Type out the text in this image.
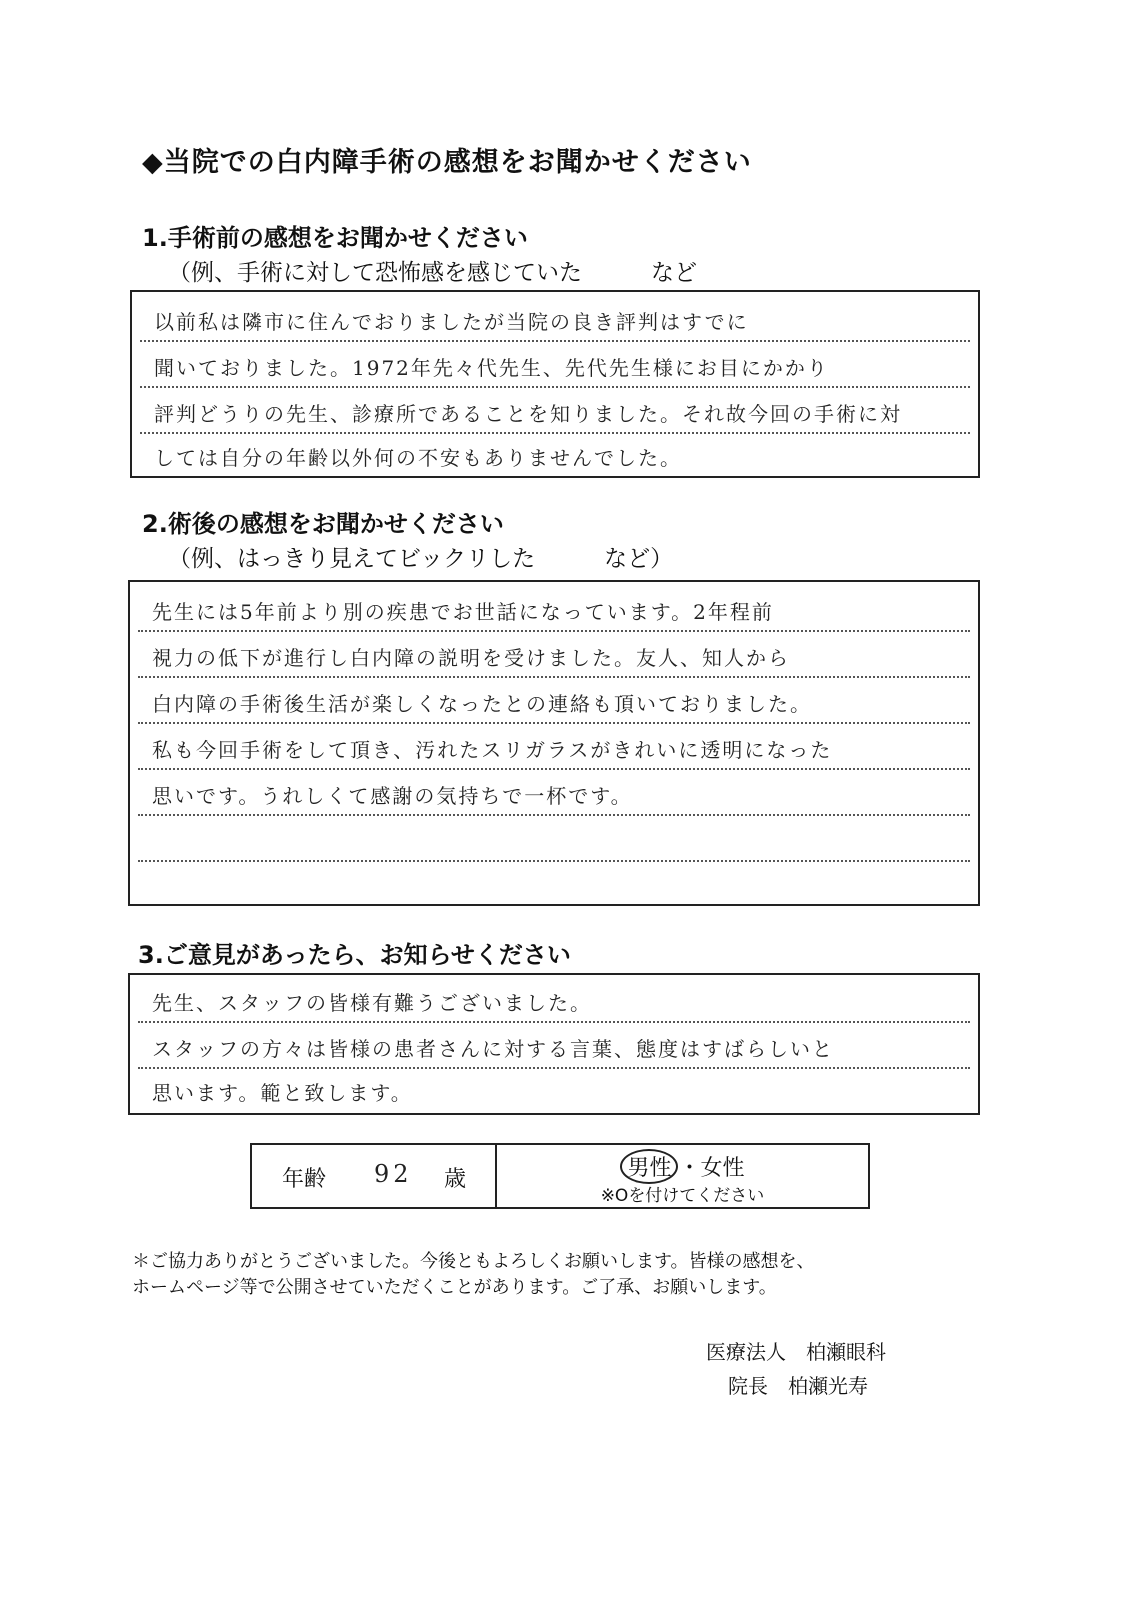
◆当院での白内障手術の感想をお聞かせください
1.手術前の感想をお聞かせください
（例、手術に対して恐怖感を感じていた　　　など
以前私は隣市に住んでおりましたが当院の良き評判はすでに
聞いておりました。1972年先々代先生、先代先生様にお目にかかり
評判どうりの先生、診療所であることを知りました。それ故今回の手術に対
しては自分の年齢以外何の不安もありませんでした。
2.術後の感想をお聞かせください
（例、はっきり見えてビックリした　　　など）
先生には5年前より別の疾患でお世話になっています。2年程前
視力の低下が進行し白内障の説明を受けました。友人、知人から
白内障の手術後生活が楽しくなったとの連絡も頂いておりました。
私も今回手術をして頂き、汚れたスリガラスがきれいに透明になった
思いです。うれしくて感謝の気持ちで一杯です。
3.ご意見があったら、お知らせください
先生、スタッフの皆様有難うございました。
スタッフの方々は皆様の患者さんに対する言葉、態度はすばらしいと
思います。範と致します。
年齢 92 歳	男性 ・女性
※Oを付けてください
＊ご協力ありがとうございました。今後ともよろしくお願いします。皆様の感想を、
ホームページ等で公開させていただくことがあります。ご了承、お願いします。
医療法人　柏瀬眼科
院長　柏瀬光寿
